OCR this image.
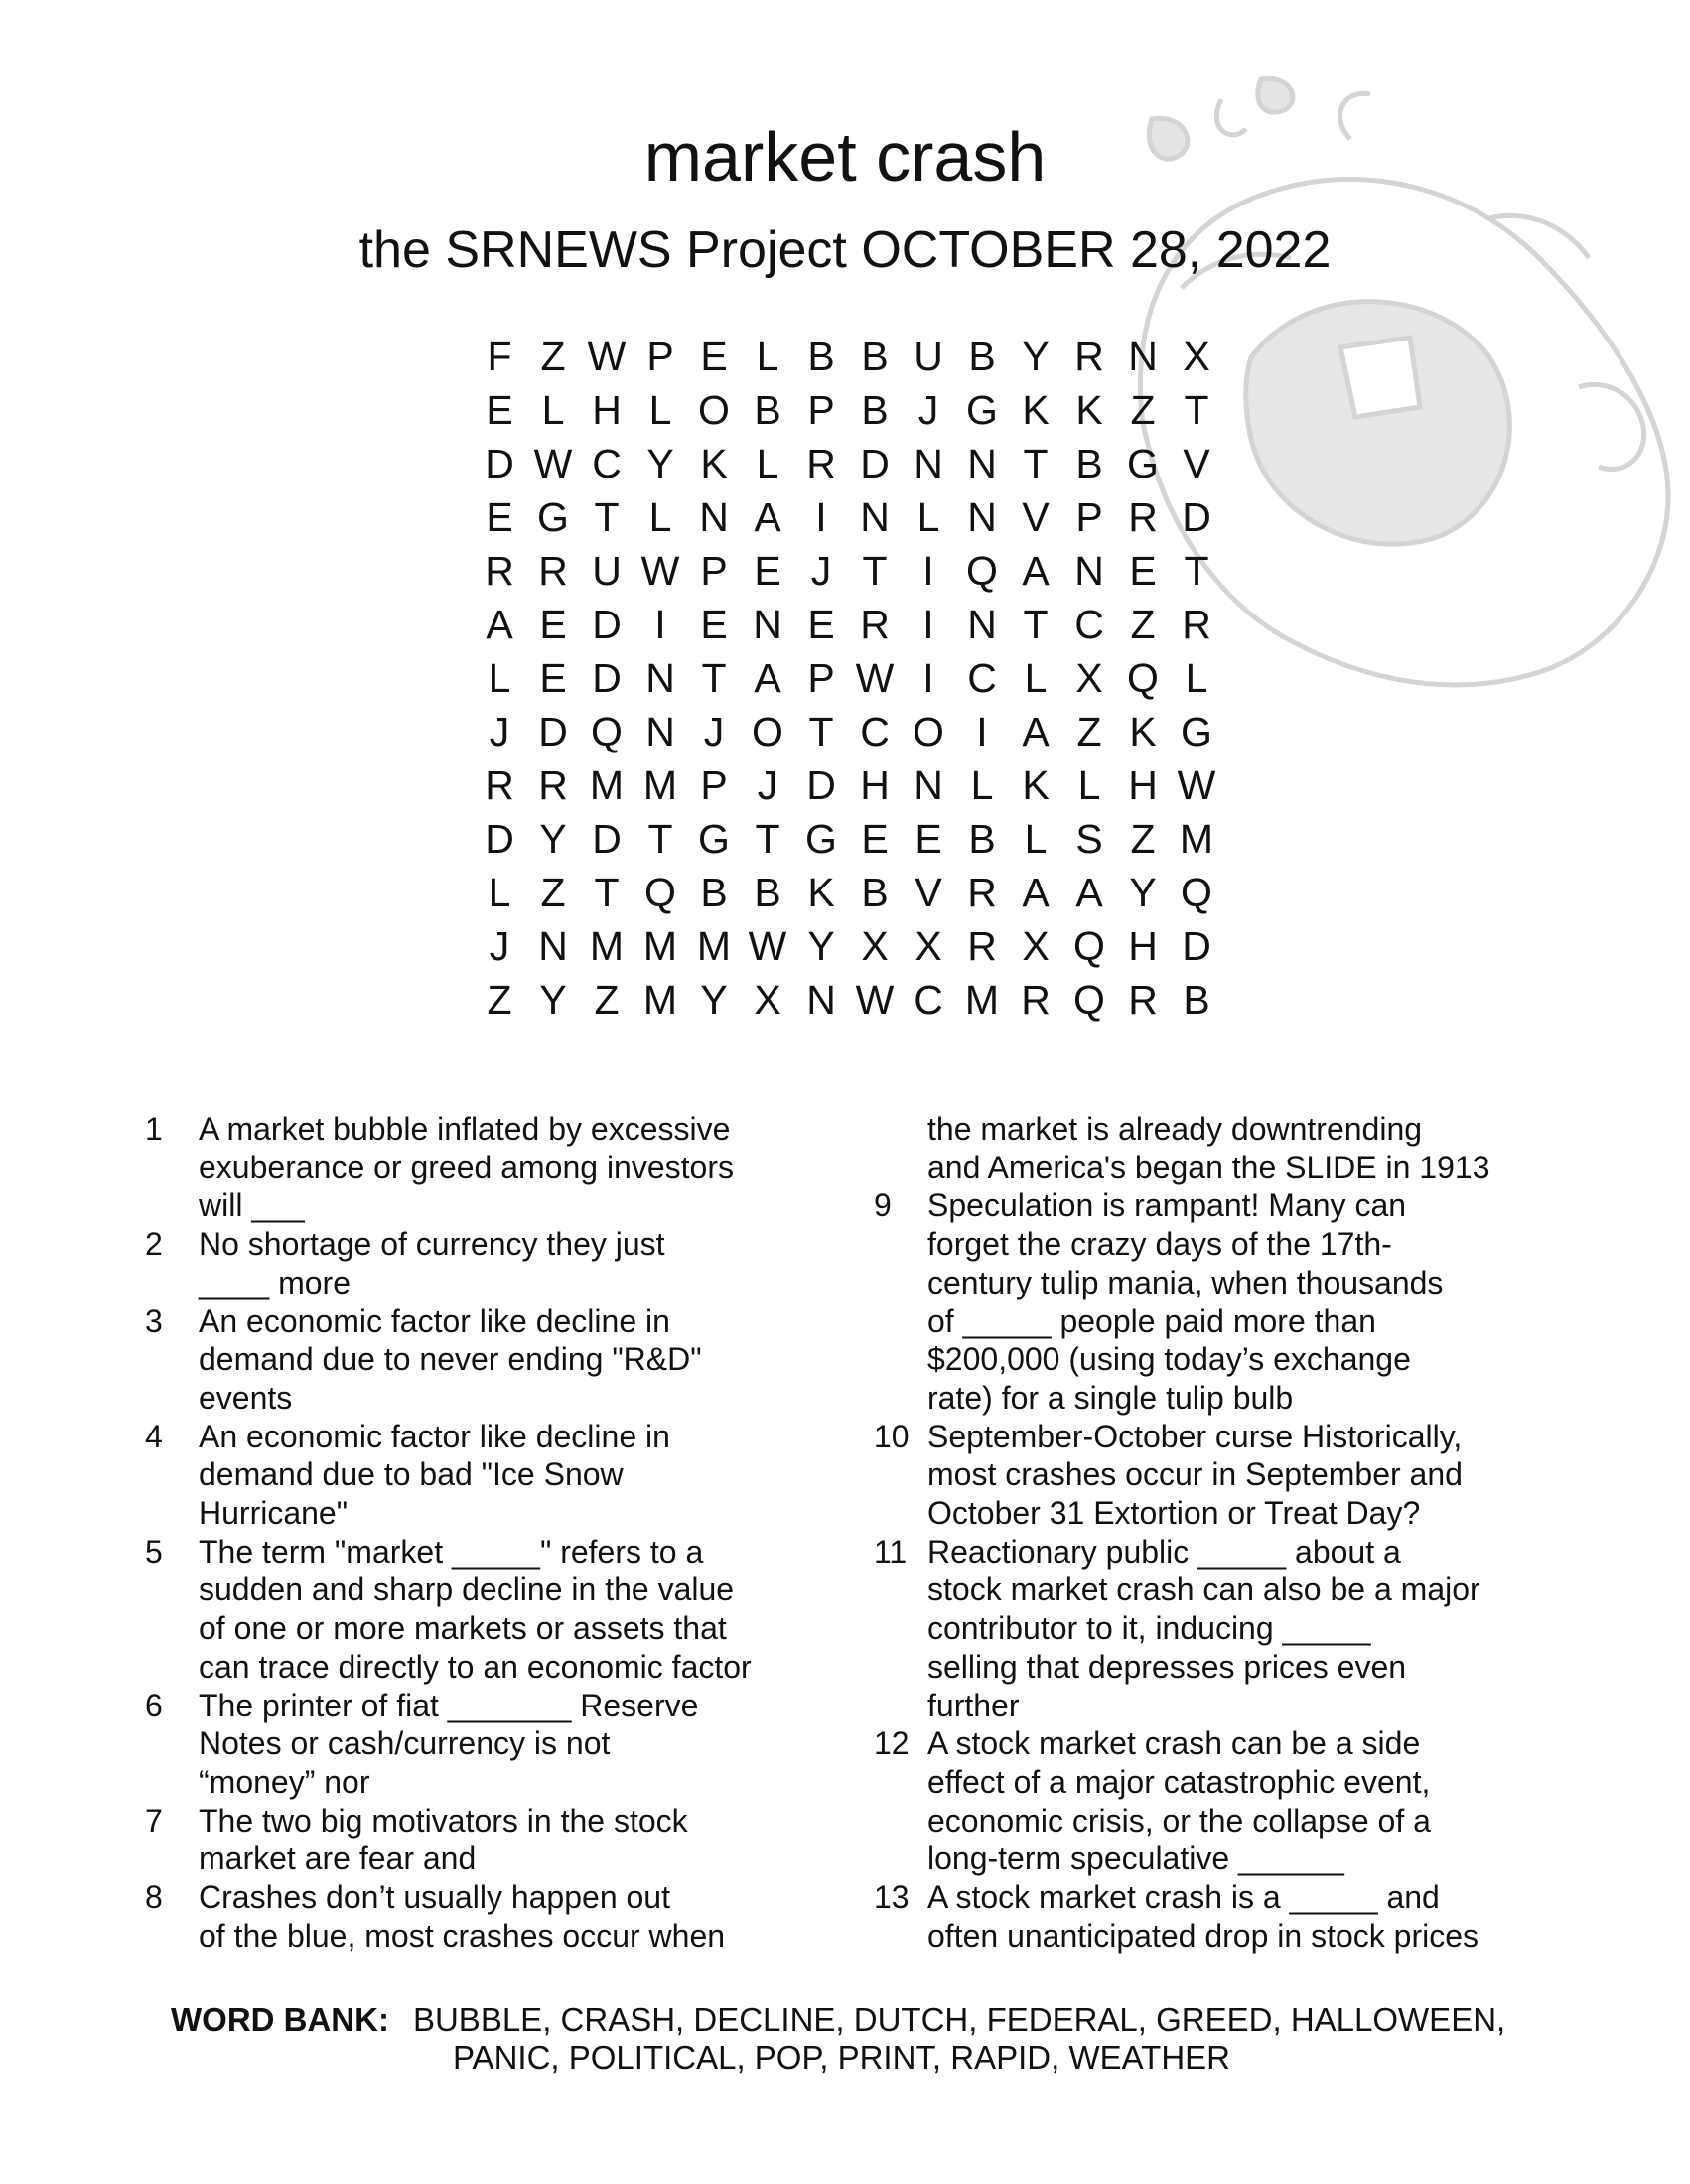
market crash
the SRNEWS Project OCTOBER 28, 2022
F Z W P E L B B U B Y R N X
E L H L O B P B J G K K Z T
D W C Y K L R D N N T B G V
E G T L N A I N L N V P R D
R R U W P E J T I Q A N E T
A E D I E N E R I N T C Z R
L E D N T A P W I C L X Q L
J D Q N J O T C O I A Z K G
R R M M P J D H N L K L H W
D Y D T G T G E E B L S Z M
L Z T Q B B K B V R A A Y Q
J N M M M W Y X X R X Q H D
Z Y Z M Y X N W C M R Q R B
1	A market bubble inflated by excessive
exuberance or greed among investors
will ___
2	No shortage of currency they just
____ more
3	An economic factor like decline in
demand due to never ending "R&D"
events
4	An economic factor like decline in
demand due to bad "Ice Snow
Hurricane"
5	The term "market _____" refers to a
sudden and sharp decline in the value
of one or more markets or assets that
can trace directly to an economic factor
6	The printer of fiat _______ Reserve
Notes or cash/currency is not
“money” nor
7	The two big motivators in the stock
market are fear and
8	Crashes don’t usually happen out
of the blue, most crashes occur when
the market is already downtrending
and America's began the SLIDE in 1913
9	Speculation is rampant! Many can
forget the crazy days of the 17th-
century tulip mania, when thousands
of _____ people paid more than
$200,000 (using today’s exchange
rate) for a single tulip bulb
10 September-October curse Historically,
most crashes occur in September and
October 31 Extortion or Treat Day?
11 Reactionary public _____ about a
stock market crash can also be a major
contributor to it, inducing _____
selling that depresses prices even
further
12 A stock market crash can be a side
effect of a major catastrophic event,
economic crisis, or the collapse of a
long-term speculative ______
13 A stock market crash is a _____ and
often unanticipated drop in stock prices
WORD BANK: BUBBLE, CRASH, DECLINE, DUTCH, FEDERAL, GREED, HALLOWEEN,
PANIC, POLITICAL, POP, PRINT, RAPID, WEATHER
